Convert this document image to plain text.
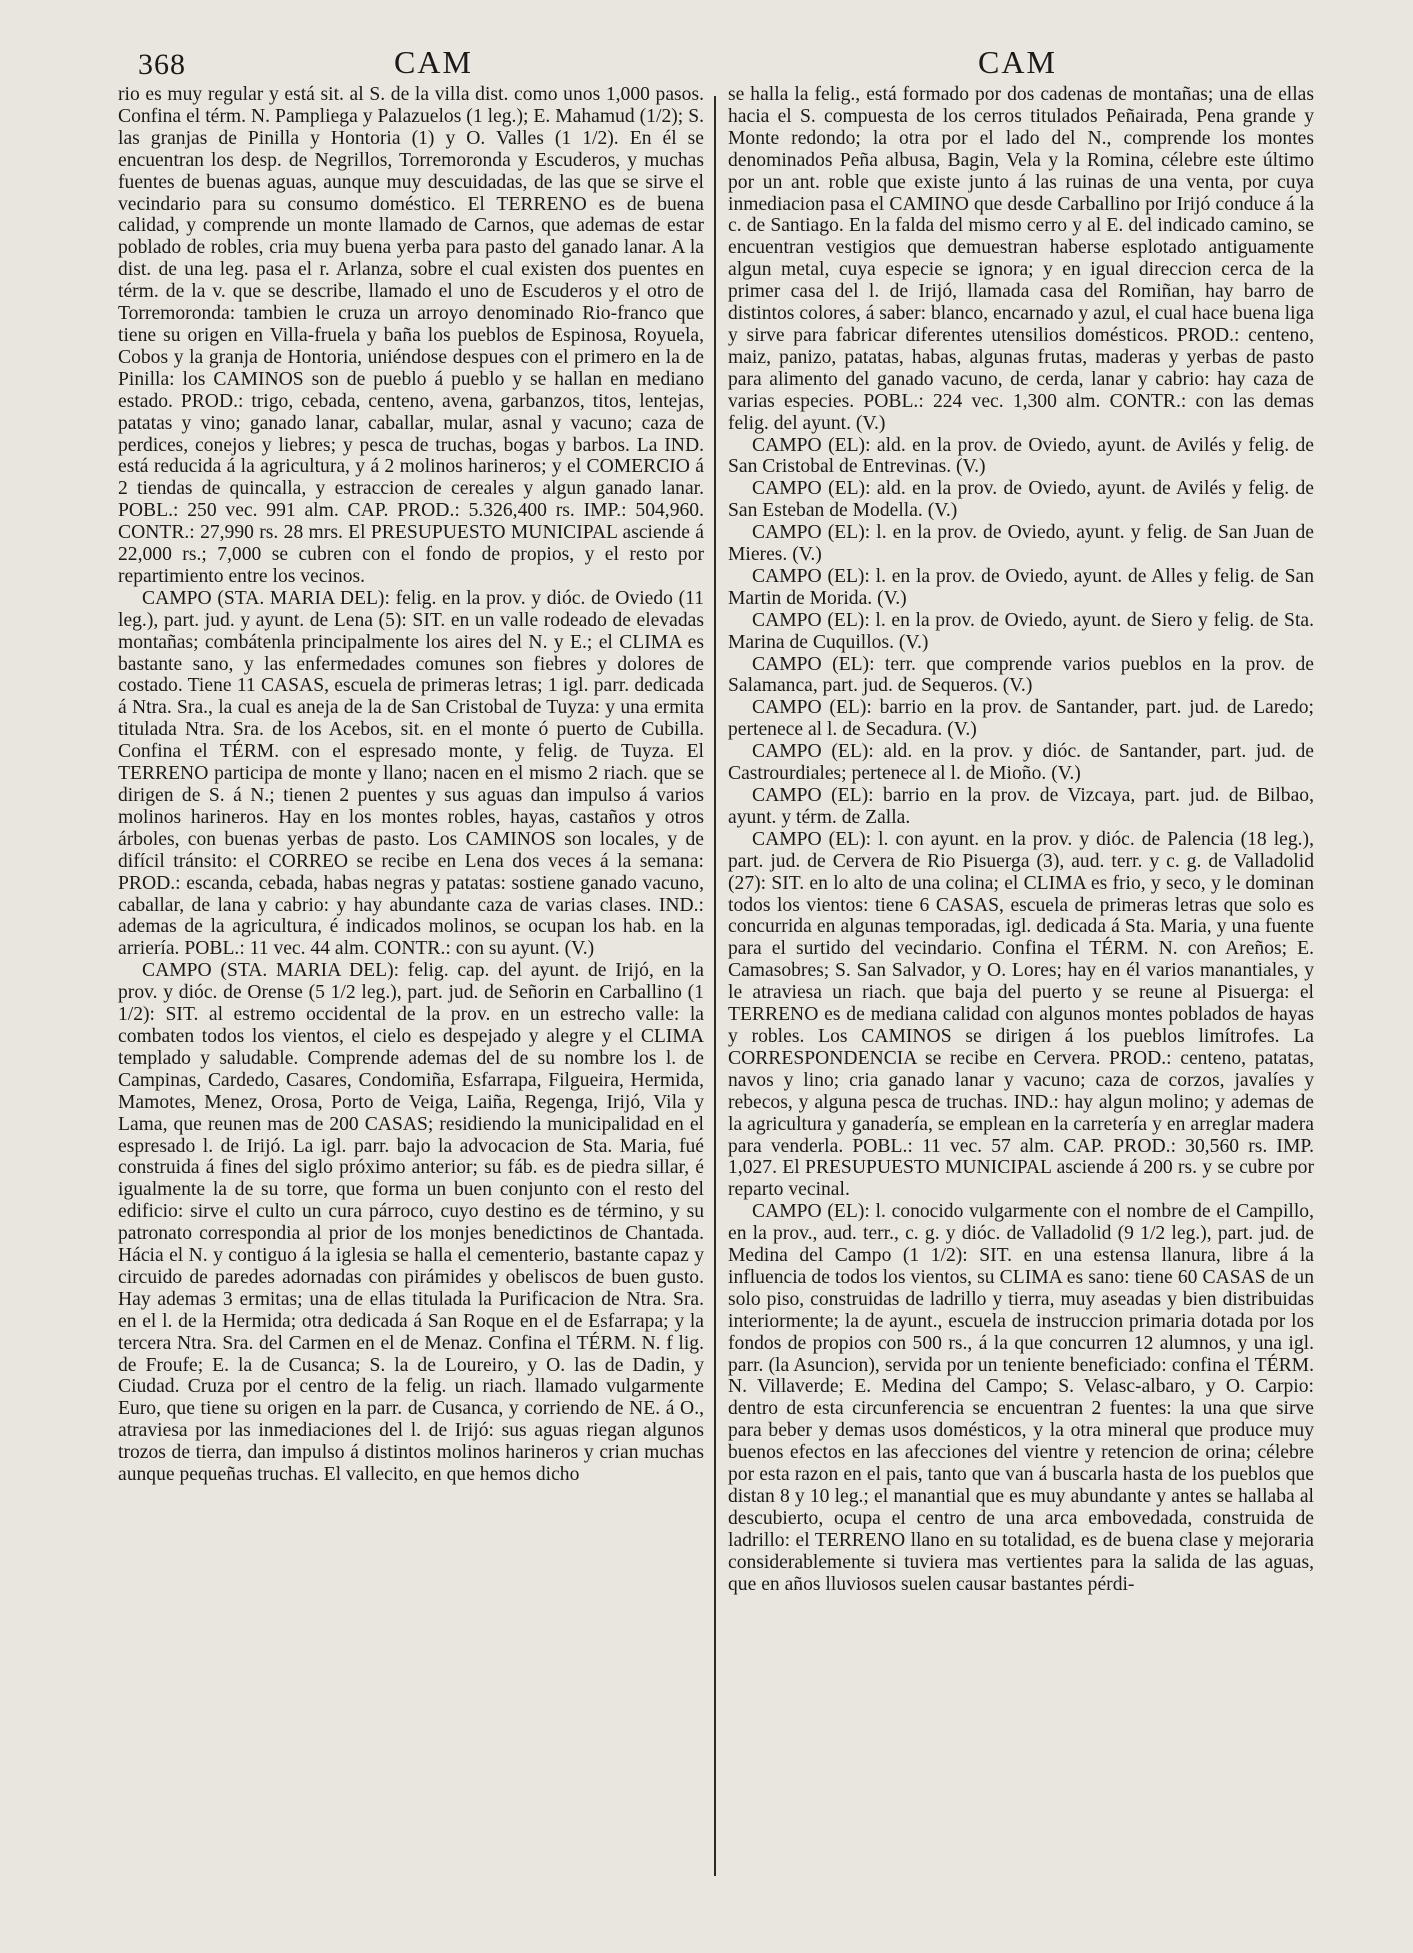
368	CAM	CAM

rio es muy regular y está sit. al S. de la villa dist. como unos 1,000 pasos. Confina el térm. N. Pampliega y Palazuelos (1 leg.); E. Mahamud (1/2); S. las granjas de Pinilla y Hontoria (1) y O. Valles (1 1/2). En él se encuentran los desp. de Negrillos, Torremoronda y Escuderos, y muchas fuentes de buenas aguas, aunque muy descuidadas, de las que se sirve el vecindario para su consumo doméstico. El TERRENO es de buena calidad, y comprende un monte llamado de Carnos, que ademas de estar poblado de robles, cria muy buena yerba para pasto del ganado lanar. A la dist. de una leg. pasa el r. Arlanza, sobre el cual existen dos puentes en térm. de la v. que se describe, llamado el uno de Escuderos y el otro de Torremoronda: tambien le cruza un arroyo denominado Rio-franco que tiene su origen en Villa-fruela y baña los pueblos de Espinosa, Royuela, Cobos y la granja de Hontoria, uniéndose despues con el primero en la de Pinilla: los CAMINOS son de pueblo á pueblo y se hallan en mediano estado. PROD.: trigo, cebada, centeno, avena, garbanzos, titos, lentejas, patatas y vino; ganado lanar, caballar, mular, asnal y vacuno; caza de perdices, conejos y liebres; y pesca de truchas, bogas y barbos. La IND. está reducida á la agricultura, y á 2 molinos harineros; y el COMERCIO á 2 tiendas de quincalla, y estraccion de cereales y algun ganado lanar. POBL.: 250 vec. 991 alm. CAP. PROD.: 5.326,400 rs. IMP.: 504,960. CONTR.: 27,990 rs. 28 mrs. El PRESUPUESTO MUNICIPAL asciende á 22,000 rs.; 7,000 se cubren con el fondo de propios, y el resto por repartimiento entre los vecinos.

CAMPO (STA. MARIA DEL): felig. en la prov. y dióc. de Oviedo (11 leg.), part. jud. y ayunt. de Lena (5): SIT. en un valle rodeado de elevadas montañas; combátenla principalmente los aires del N. y E.; el CLIMA es bastante sano, y las enfermedades comunes son fiebres y dolores de costado. Tiene 11 CASAS, escuela de primeras letras; 1 igl. parr. dedicada á Ntra. Sra., la cual es aneja de la de San Cristobal de Tuyza: y una ermita titulada Ntra. Sra. de los Acebos, sit. en el monte ó puerto de Cubilla. Confina el TÉRM. con el espresado monte, y felig. de Tuyza. El TERRENO participa de monte y llano; nacen en el mismo 2 riach. que se dirigen de S. á N.; tienen 2 puentes y sus aguas dan impulso á varios molinos harineros. Hay en los montes robles, hayas, castaños y otros árboles, con buenas yerbas de pasto. Los CAMINOS son locales, y de difícil tránsito: el CORREO se recibe en Lena dos veces á la semana: PROD.: escanda, cebada, habas negras y patatas: sostiene ganado vacuno, caballar, de lana y cabrio: y hay abundante caza de varias clases. IND.: ademas de la agricultura, é indicados molinos, se ocupan los hab. en la arriería. POBL.: 11 vec. 44 alm. CONTR.: con su ayunt. (V.)

CAMPO (STA. MARIA DEL): felig. cap. del ayunt. de Irijó, en la prov. y dióc. de Orense (5 1/2 leg.), part. jud. de Señorin en Carballino (1 1/2): SIT. al estremo occidental de la prov. en un estrecho valle: la combaten todos los vientos, el cielo es despejado y alegre y el CLIMA templado y saludable. Comprende ademas del de su nombre los l. de Campinas, Cardedo, Casares, Condomiña, Esfarrapa, Filgueira, Hermida, Mamotes, Menez, Orosa, Porto de Veiga, Laiña, Regenga, Irijó, Vila y Lama, que reunen mas de 200 CASAS; residiendo la municipalidad en el espresado l. de Irijó. La igl. parr. bajo la advocacion de Sta. Maria, fué construida á fines del siglo próximo anterior; su fáb. es de piedra sillar, é igualmente la de su torre, que forma un buen conjunto con el resto del edificio: sirve el culto un cura párroco, cuyo destino es de término, y su patronato correspondia al prior de los monjes benedictinos de Chantada. Hácia el N. y contiguo á la iglesia se halla el cementerio, bastante capaz y circuido de paredes adornadas con pirámides y obeliscos de buen gusto. Hay ademas 3 ermitas; una de ellas titulada la Purificacion de Ntra. Sra. en el l. de la Hermida; otra dedicada á San Roque en el de Esfarrapa; y la tercera Ntra. Sra. del Carmen en el de Menaz. Confina el TÉRM. N. f lig. de Froufe; E. la de Cusanca; S. la de Loureiro, y O. las de Dadin, y Ciudad. Cruza por el centro de la felig. un riach. llamado vulgarmente Euro, que tiene su origen en la parr. de Cusanca, y corriendo de NE. á O., atraviesa por las inmediaciones del l. de Irijó: sus aguas riegan algunos trozos de tierra, dan impulso á distintos molinos harineros y crian muchas aunque pequeñas truchas. El vallecito, en que hemos dicho

se halla la felig., está formado por dos cadenas de montañas; una de ellas hacia el S. compuesta de los cerros titulados Peñairada, Pena grande y Monte redondo; la otra por el lado del N., comprende los montes denominados Peña albusa, Bagin, Vela y la Romina, célebre este último por un ant. roble que existe junto á las ruinas de una venta, por cuya inmediacion pasa el CAMINO que desde Carballino por Irijó conduce á la c. de Santiago. En la falda del mismo cerro y al E. del indicado camino, se encuentran vestigios que demuestran haberse esplotado antiguamente algun metal, cuya especie se ignora; y en igual direccion cerca de la primer casa del l. de Irijó, llamada casa del Romiñan, hay barro de distintos colores, á saber: blanco, encarnado y azul, el cual hace buena liga y sirve para fabricar diferentes utensilios domésticos. PROD.: centeno, maiz, panizo, patatas, habas, algunas frutas, maderas y yerbas de pasto para alimento del ganado vacuno, de cerda, lanar y cabrio: hay caza de varias especies. POBL.: 224 vec. 1,300 alm. CONTR.: con las demas felig. del ayunt. (V.)

CAMPO (EL): ald. en la prov. de Oviedo, ayunt. de Avilés y felig. de San Cristobal de Entrevinas. (V.)

CAMPO (EL): ald. en la prov. de Oviedo, ayunt. de Avilés y felig. de San Esteban de Modella. (V.)

CAMPO (EL): l. en la prov. de Oviedo, ayunt. y felig. de San Juan de Mieres. (V.)

CAMPO (EL): l. en la prov. de Oviedo, ayunt. de Alles y felig. de San Martin de Morida. (V.)

CAMPO (EL): l. en la prov. de Oviedo, ayunt. de Siero y felig. de Sta. Marina de Cuquillos. (V.)

CAMPO (EL): terr. que comprende varios pueblos en la prov. de Salamanca, part. jud. de Sequeros. (V.)

CAMPO (EL): barrio en la prov. de Santander, part. jud. de Laredo; pertenece al l. de Secadura. (V.)

CAMPO (EL): ald. en la prov. y dióc. de Santander, part. jud. de Castrourdiales; pertenece al l. de Mioño. (V.)

CAMPO (EL): barrio en la prov. de Vizcaya, part. jud. de Bilbao, ayunt. y térm. de Zalla.

CAMPO (EL): l. con ayunt. en la prov. y dióc. de Palencia (18 leg.), part. jud. de Cervera de Rio Pisuerga (3), aud. terr. y c. g. de Valladolid (27): SIT. en lo alto de una colina; el CLIMA es frio, y seco, y le dominan todos los vientos: tiene 6 CASAS, escuela de primeras letras que solo es concurrida en algunas temporadas, igl. dedicada á Sta. Maria, y una fuente para el surtido del vecindario. Confina el TÉRM. N. con Areños; E. Camasobres; S. San Salvador, y O. Lores; hay en él varios manantiales, y le atraviesa un riach. que baja del puerto y se reune al Pisuerga: el TERRENO es de mediana calidad con algunos montes poblados de hayas y robles. Los CAMINOS se dirigen á los pueblos limítrofes. La CORRESPONDENCIA se recibe en Cervera. PROD.: centeno, patatas, navos y lino; cria ganado lanar y vacuno; caza de corzos, javalíes y rebecos, y alguna pesca de truchas. IND.: hay algun molino; y ademas de la agricultura y ganadería, se emplean en la carretería y en arreglar madera para venderla. POBL.: 11 vec. 57 alm. CAP. PROD.: 30,560 rs. IMP. 1,027. El PRESUPUESTO MUNICIPAL asciende á 200 rs. y se cubre por reparto vecinal.

CAMPO (EL): l. conocido vulgarmente con el nombre de el Campillo, en la prov., aud. terr., c. g. y dióc. de Valladolid (9 1/2 leg.), part. jud. de Medina del Campo (1 1/2): SIT. en una estensa llanura, libre á la influencia de todos los vientos, su CLIMA es sano: tiene 60 CASAS de un solo piso, construidas de ladrillo y tierra, muy aseadas y bien distribuidas interiormente; la de ayunt., escuela de instruccion primaria dotada por los fondos de propios con 500 rs., á la que concurren 12 alumnos, y una igl. parr. (la Asuncion), servida por un teniente beneficiado: confina el TÉRM. N. Villaverde; E. Medina del Campo; S. Velasc-albaro, y O. Carpio: dentro de esta circunferencia se encuentran 2 fuentes: la una que sirve para beber y demas usos domésticos, y la otra mineral que produce muy buenos efectos en las afecciones del vientre y retencion de orina; célebre por esta razon en el pais, tanto que van á buscarla hasta de los pueblos que distan 8 y 10 leg.; el manantial que es muy abundante y antes se hallaba al descubierto, ocupa el centro de una arca embovedada, construida de ladrillo: el TERRENO llano en su totalidad, es de buena clase y mejoraria considerablemente si tuviera mas vertientes para la salida de las aguas, que en años lluviosos suelen causar bastantes pérdi-
